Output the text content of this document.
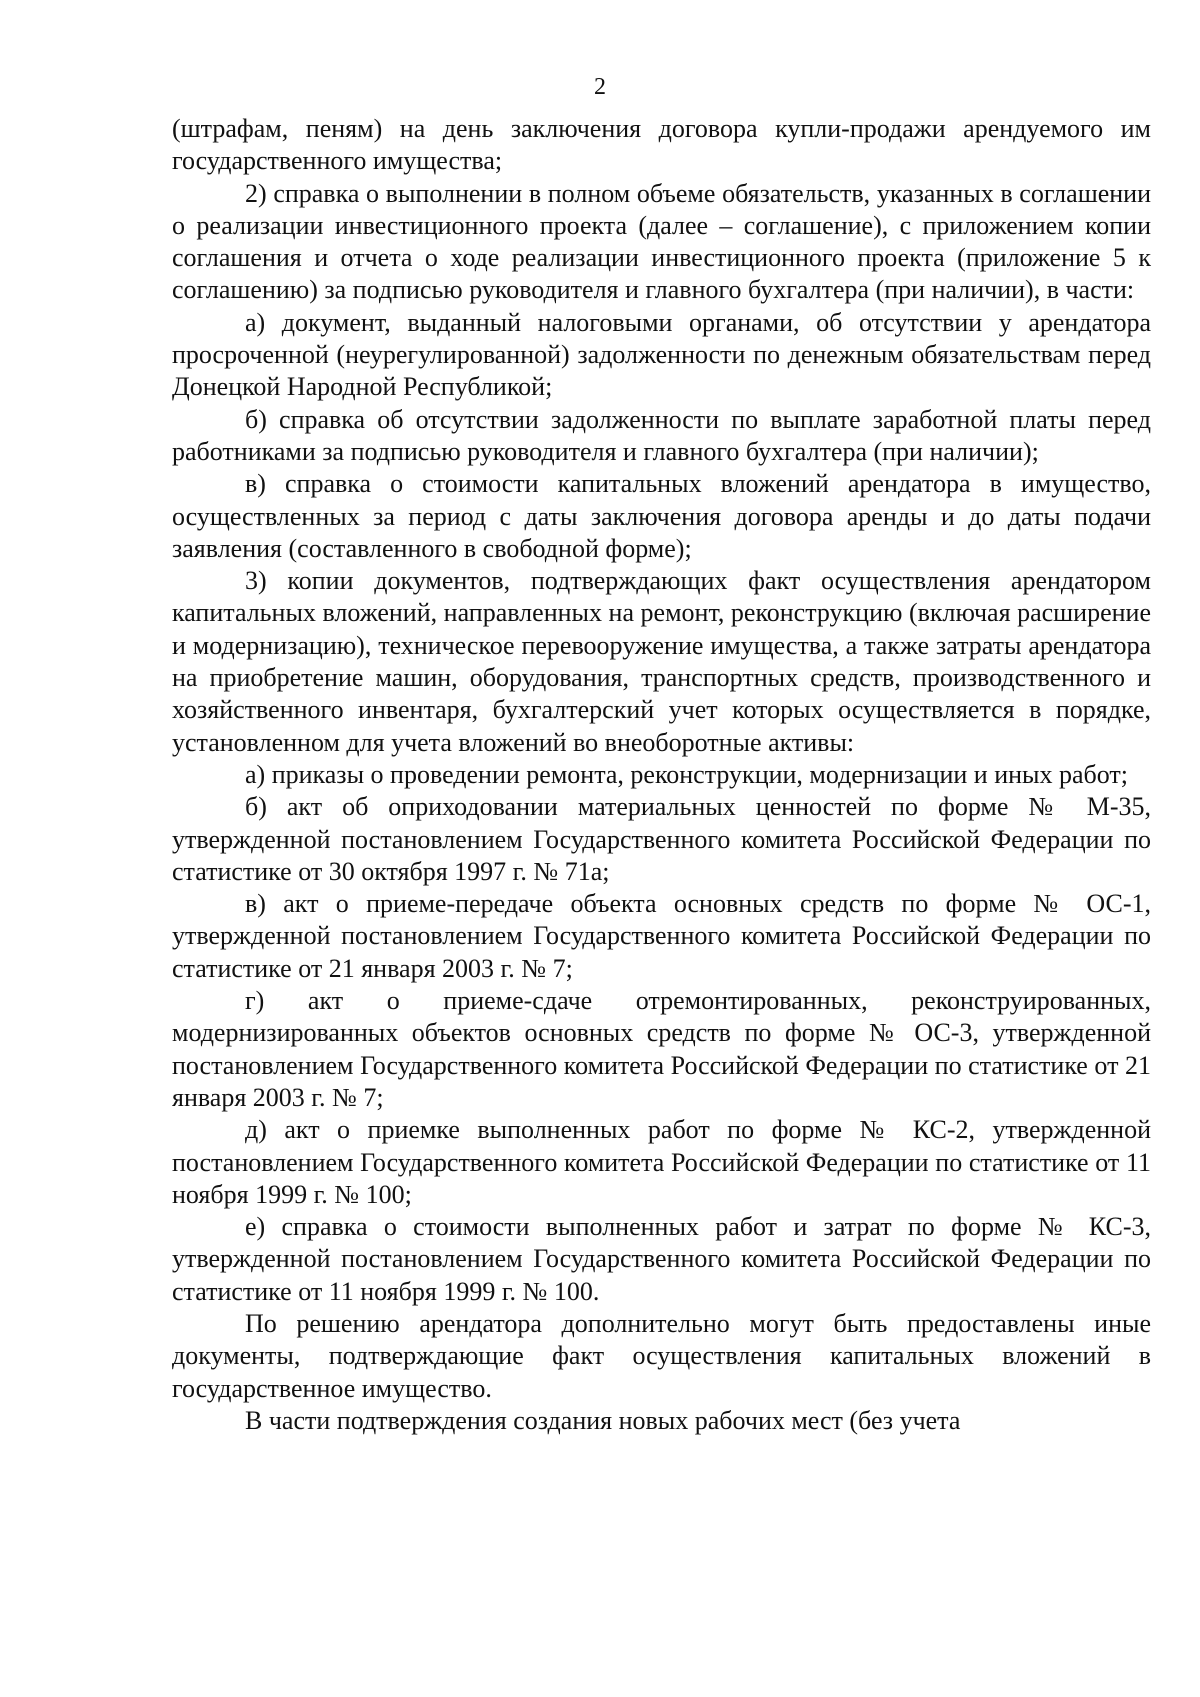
2

(штрафам, пеням) на день заключения договора купли-продажи арендуемого им государственного имущества;

2) справка о выполнении в полном объеме обязательств, указанных в соглашении о реализации инвестиционного проекта (далее – соглашение), с приложением копии соглашения и отчета о ходе реализации инвестиционного проекта (приложение 5 к соглашению) за подписью руководителя и главного бухгалтера (при наличии), в части:

а) документ, выданный налоговыми органами, об отсутствии у арендатора просроченной (неурегулированной) задолженности по денежным обязательствам перед Донецкой Народной Республикой;

б) справка об отсутствии задолженности по выплате заработной платы перед работниками за подписью руководителя и главного бухгалтера (при наличии);

в) справка о стоимости капитальных вложений арендатора в имущество, осуществленных за период с даты заключения договора аренды и до даты подачи заявления (составленного в свободной форме);

3) копии документов, подтверждающих факт осуществления арендатором капитальных вложений, направленных на ремонт, реконструкцию (включая расширение и модернизацию), техническое перевооружение имущества, а также затраты арендатора на приобретение машин, оборудования, транспортных средств, производственного и хозяйственного инвентаря, бухгалтерский учет которых осуществляется в порядке, установленном для учета вложений во внеоборотные активы:

а) приказы о проведении ремонта, реконструкции, модернизации и иных работ;

б) акт об оприходовании материальных ценностей по форме № М-35, утвержденной постановлением Государственного комитета Российской Федерации по статистике от 30 октября 1997 г. № 71а;

в) акт о приеме-передаче объекта основных средств по форме № ОС-1, утвержденной постановлением Государственного комитета Российской Федерации по статистике от 21 января 2003 г. № 7;

г) акт о приеме-сдаче отремонтированных, реконструированных, модернизированных объектов основных средств по форме № ОС-3, утвержденной постановлением Государственного комитета Российской Федерации по статистике от 21 января 2003 г. № 7;

д) акт о приемке выполненных работ по форме № КС-2, утвержденной постановлением Государственного комитета Российской Федерации по статистике от 11 ноября 1999 г. № 100;

е) справка о стоимости выполненных работ и затрат по форме № КС-3, утвержденной постановлением Государственного комитета Российской Федерации по статистике от 11 ноября 1999 г. № 100.

По решению арендатора дополнительно могут быть предоставлены иные документы, подтверждающие факт осуществления капитальных вложений в государственное имущество.

В части подтверждения создания новых рабочих мест (без учета
